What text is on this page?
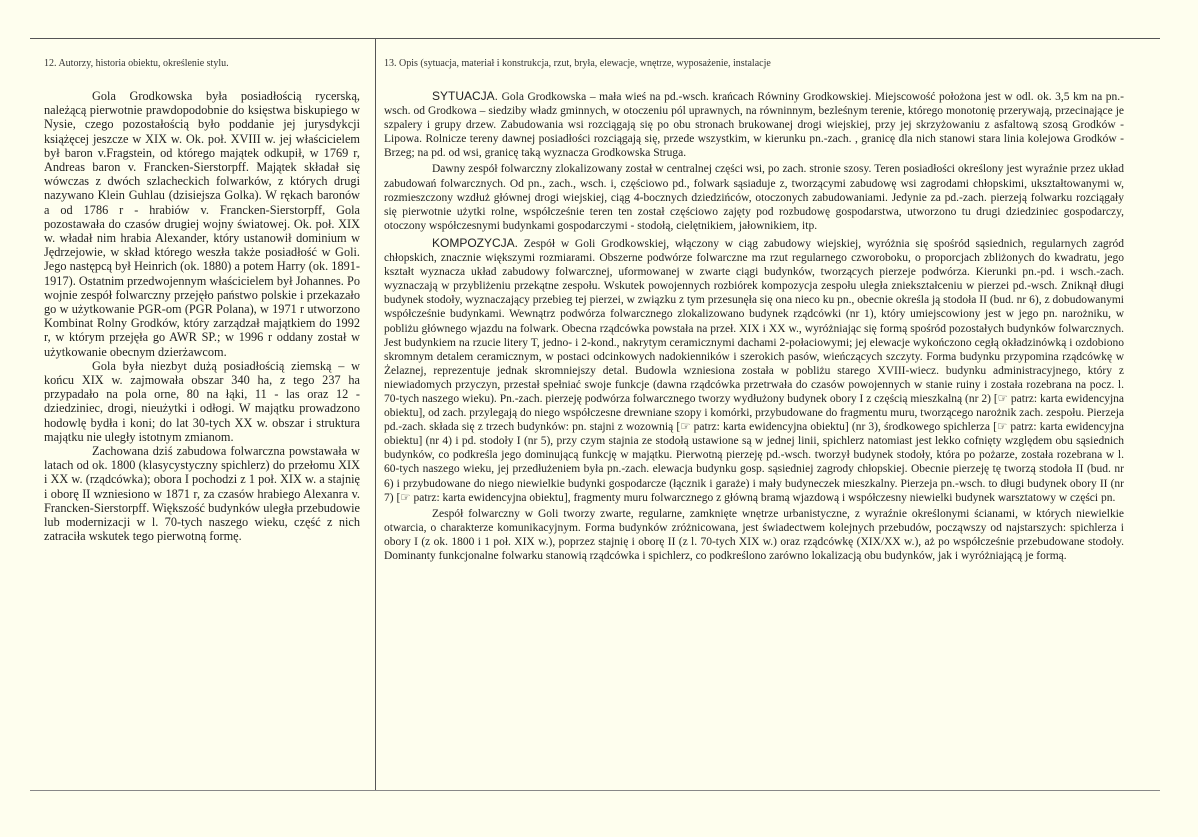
12. Autorzy, historia obiektu, określenie stylu.

Gola Grodkowska była posiadłością rycerską, należącą pierwotnie prawdopodobnie do księstwa biskupiego w Nysie, czego pozostałością było poddanie jej jurysdykcji książęcej jeszcze w XIX w. Ok. poł. XVIII w. jej właścicielem był baron v.Fragstein, od którego majątek odkupił, w 1769 r, Andreas baron v. Francken-Sierstorpff. Majątek składał się wówczas z dwóch szlacheckich folwarków, z których drugi nazywano Klein Guhlau (dzisiejsza Golka). W rękach baronów a od 1786 r - hrabiów v. Francken-Sierstorpff, Gola pozostawała do czasów drugiej wojny światowej. Ok. poł. XIX w. władał nim hrabia Alexander, który ustanowił dominium w Jędrzejowie, w skład którego weszła także posiadłość w Goli. Jego następcą był Heinrich (ok. 1880) a potem Harry (ok. 1891-1917). Ostatnim przedwojennym właścicielem był Johannes. Po wojnie zespół folwarczny przejęło państwo polskie i przekazało go w użytkowanie PGR-om (PGR Polana), w 1971 r utworzono Kombinat Rolny Grodków, który zarządzał majątkiem do 1992 r, w którym przejęła go AWR SP.; w 1996 r oddany został w użytkowanie obecnym dzierżawcom.

Gola była niezbyt dużą posiadłością ziemską – w końcu XIX w. zajmowała obszar 340 ha, z tego 237 ha przypadało na pola orne, 80 na łąki, 11 - las oraz 12 - dziedziniec, drogi, nieużytki i odłogi. W majątku prowadzono hodowlę bydła i koni; do lat 30-tych XX w. obszar i struktura majątku nie uległy istotnym zmianom.

Zachowana dziś zabudowa folwarczna powstawała w latach od ok. 1800 (klasycystyczny spichlerz) do przełomu XIX i XX w. (rządcówka); obora I pochodzi z 1 poł. XIX w. a stajnię i oborę II wzniesiono w 1871 r, za czasów hrabiego Alexanra v. Francken-Sierstorpff. Większość budynków uległa przebudowie lub modernizacji w l. 70-tych naszego wieku, część z nich zatraciła wskutek tego pierwotną formę.

13. Opis (sytuacja, materiał i konstrukcja, rzut, bryła, elewacje, wnętrze, wyposażenie, instalacje

SYTUACJA. Gola Grodkowska – mała wieś na pd.-wsch. krańcach Równiny Grodkowskiej. Miejscowość położona jest w odl. ok. 3,5 km na pn.-wsch. od Grodkowa – siedziby władz gminnych, w otoczeniu pól uprawnych, na równinnym, bezleśnym terenie, którego monotonię przerywają, przecinające je szpalery i grupy drzew. Zabudowania wsi rozciągają się po obu stronach brukowanej drogi wiejskiej, przy jej skrzyżowaniu z asfaltową szosą Grodków - Lipowa. Rolnicze tereny dawnej posiadłości rozciągają się, przede wszystkim, w kierunku pn.-zach. , granicę dla nich stanowi stara linia kolejowa Grodków - Brzeg; na pd. od wsi, granicę taką wyznacza Grodkowska Struga.

Dawny zespół folwarczny zlokalizowany został w centralnej części wsi, po zach. stronie szosy. Teren posiadłości określony jest wyraźnie przez układ zabudowań folwarcznych. Od pn., zach., wsch. i, częściowo pd., folwark sąsiaduje z, tworzącymi zabudowę wsi zagrodami chłopskimi, ukształtowanymi w, rozmieszczony wzdłuż głównej drogi wiejskiej, ciąg 4-bocznych dziedzińców, otoczonych zabudowaniami. Jedynie za pd.-zach. pierzeją folwarku rozciągały się pierwotnie użytki rolne, współcześnie teren ten został częściowo zajęty pod rozbudowę gospodarstwa, utworzono tu drugi dziedziniec gospodarczy, otoczony współczesnymi budynkami gospodarczymi - stodołą, cielętnikiem, jałownikiem, itp.

KOMPOZYCJA. Zespół w Goli Grodkowskiej, włączony w ciąg zabudowy wiejskiej, wyróżnia się spośród sąsiednich, regularnych zagród chłopskich, znacznie większymi rozmiarami. Obszerne podwórze folwarczne ma rzut regularnego czworoboku, o proporcjach zbliżonych do kwadratu, jego kształt wyznacza układ zabudowy folwarcznej, uformowanej w zwarte ciągi budynków, tworzących pierzeje podwórza. Kierunki pn.-pd. i wsch.-zach. wyznaczają w przybliżeniu przekątne zespołu. Wskutek powojennych rozbiórek kompozycja zespołu uległa zniekształceniu w pierzei pd.-wsch. Zniknął długi budynek stodoły, wyznaczający przebieg tej pierzei, w związku z tym przesunęła się ona nieco ku pn., obecnie określa ją stodoła II (bud. nr 6), z dobudowanymi współcześnie budynkami. Wewnątrz podwórza folwarcznego zlokalizowano budynek rządcówki (nr 1), który umiejscowiony jest w jego pn. narożniku, w pobliżu głównego wjazdu na folwark. Obecna rządcówka powstała na przeł. XIX i XX w., wyróżniając się formą spośród pozostałych budynków folwarcznych. Jest budynkiem na rzucie litery T, jedno- i 2-kond., nakrytym ceramicznymi dachami 2-połaciowymi; jej elewacje wykończono cegłą okładzinówką i ozdobiono skromnym detalem ceramicznym, w postaci odcinkowych nadokienników i szerokich pasów, wieńczących szczyty. Forma budynku przypomina rządcówkę w Żelaznej, reprezentuje jednak skromniejszy detal. Budowla wzniesiona została w pobliżu starego XVIII-wiecz. budynku administracyjnego, który z niewiadomych przyczyn, przestał spełniać swoje funkcje (dawna rządcówka przetrwała do czasów powojennych w stanie ruiny i została rozebrana na pocz. l. 70-tych naszego wieku). Pn.-zach. pierzeję podwórza folwarcznego tworzy wydłużony budynek obory I z częścią mieszkalną (nr 2) [☞ patrz: karta ewidencyjna obiektu], od zach. przylegają do niego współczesne drewniane szopy i komórki, przybudowane do fragmentu muru, tworzącego narożnik zach. zespołu. Pierzeja pd.-zach. składa się z trzech budynków: pn. stajni z wozownią [☞ patrz: karta ewidencyjna obiektu] (nr 3), środkowego spichlerza [☞ patrz: karta ewidencyjna obiektu] (nr 4) i pd. stodoły I (nr 5), przy czym stajnia ze stodołą ustawione są w jednej linii, spichlerz natomiast jest lekko cofnięty względem obu sąsiednich budynków, co podkreśla jego dominującą funkcję w majątku. Pierwotną pierzeję pd.-wsch. tworzył budynek stodoły, która po pożarze, została rozebrana w l. 60-tych naszego wieku, jej przedłużeniem była pn.-zach. elewacja budynku gosp. sąsiedniej zagrody chłopskiej. Obecnie pierzeję tę tworzą stodoła II (bud. nr 6) i przybudowane do niego niewielkie budynki gospodarcze (łącznik i garaże) i mały budyneczek mieszkalny. Pierzeja pn.-wsch. to długi budynek obory II (nr 7) [☞ patrz: karta ewidencyjna obiektu], fragmenty muru folwarcznego z główną bramą wjazdową i współczesny niewielki budynek warsztatowy w części pn.

Zespół folwarczny w Goli tworzy zwarte, regularne, zamknięte wnętrze urbanistyczne, z wyraźnie określonymi ścianami, w których niewielkie otwarcia, o charakterze komunikacyjnym. Forma budynków zróżnicowana, jest świadectwem kolejnych przebudów, począwszy od najstarszych: spichlerza i obory I (z ok. 1800 i 1 poł. XIX w.), poprzez stajnię i oborę II (z l. 70-tych XIX w.) oraz rządcówkę (XIX/XX w.), aż po współcześnie przebudowane stodoły. Dominanty funkcjonalne folwarku stanowią rządcówka i spichlerz, co podkreślono zarówno lokalizacją obu budynków, jak i wyróżniającą je formą.
